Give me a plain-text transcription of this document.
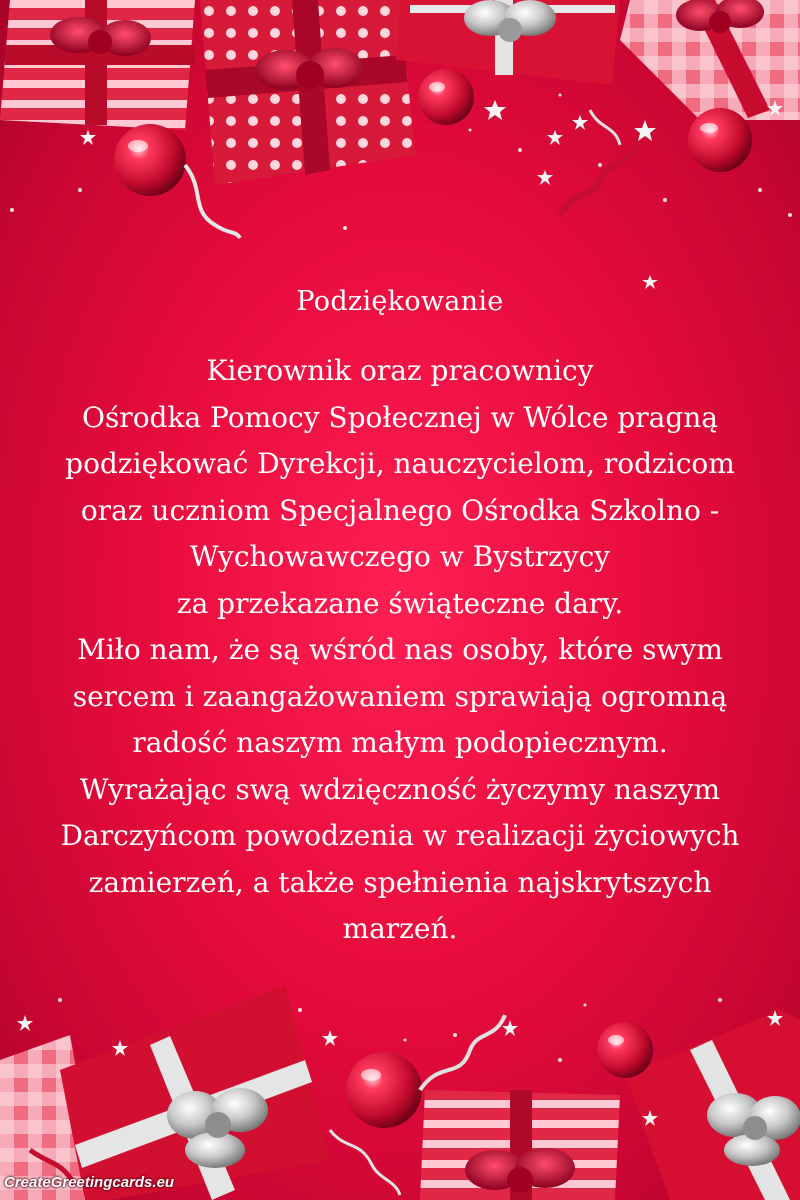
Podziękowanie
Kierownik oraz pracownicy
Ośrodka Pomocy Społecznej w Wólce pragną
podziękować Dyrekcji, nauczycielom, rodzicom
oraz uczniom Specjalnego Ośrodka Szkolno -
Wychowawczego w Bystrzycy
za przekazane świąteczne dary.
Miło nam, że są wśród nas osoby, które swym
sercem i zaangażowaniem sprawiają ogromną
radość naszym małym podopiecznym.
Wyrażając swą wdzięczność życzymy naszym
Darczyńcom powodzenia w realizacji życiowych
zamierzeń, a także spełnienia najskrytszych
marzeń.
CreateGreetingcards.eu
